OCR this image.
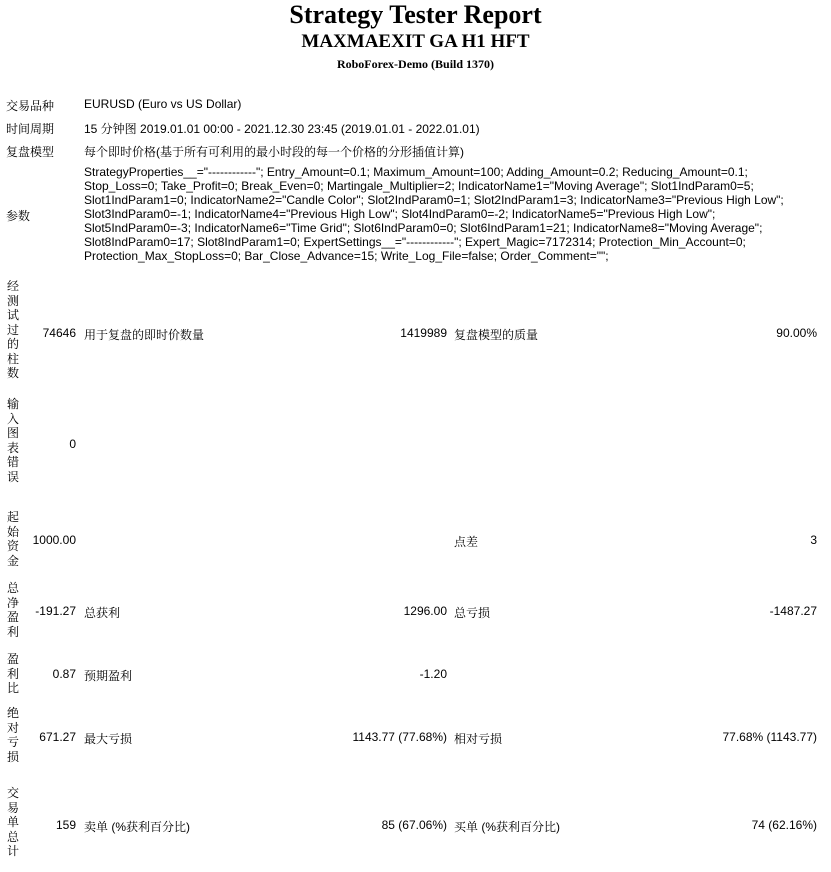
Strategy Tester Report
MAXMAEXIT GA H1 HFT
RoboForex-Demo (Build 1370)
交易品种 EURUSD (Euro vs US Dollar)
时间周期 15 分钟图 2019.01.01 00:00 - 2021.12.30 23:45 (2019.01.01 - 2022.01.01)
复盘模型 每个即时价格(基于所有可利用的最小时段的每一个价格的分形插值计算)
参数
StrategyProperties__="------------"; Entry_Amount=0.1; Maximum_Amount=100; Adding_Amount=0.2; Reducing_Amount=0.1; Stop_Loss=0; Take_Profit=0; Break_Even=0; Martingale_Multiplier=2; IndicatorName1="Moving Average"; Slot1IndParam0=5; Slot1IndParam1=0; IndicatorName2="Candle Color"; Slot2IndParam0=1; Slot2IndParam1=3; IndicatorName3="Previous High Low"; Slot3IndParam0=-1; IndicatorName4="Previous High Low"; Slot4IndParam0=-2; IndicatorName5="Previous High Low"; Slot5IndParam0=-3; IndicatorName6="Time Grid"; Slot6IndParam0=0; Slot6IndParam1=21; IndicatorName8="Moving Average"; Slot8IndParam0=17; Slot8IndParam1=0; ExpertSettings__="------------"; Expert_Magic=7172314; Protection_Min_Account=0; Protection_Max_StopLoss=0; Bar_Close_Advance=15; Write_Log_File=false; Order_Comment="";
经测试过的柱数
74646 用于复盘的即时价数量	1419989 复盘模型的质量	90.00%
输入图表错误
0
起始资金
1000.00	点差	3
总净盈利
-191.27 总获利	1296.00 总亏损	-1487.27
盈利比
0.87 预期盈利	-1.20
绝对亏损
671.27 最大亏损	1143.77 (77.68%) 相对亏损	77.68% (1143.77)
交易单总计
159 卖单 (%获利百分比)	85 (67.06%) 买单 (%获利百分比)	74 (62.16%)
